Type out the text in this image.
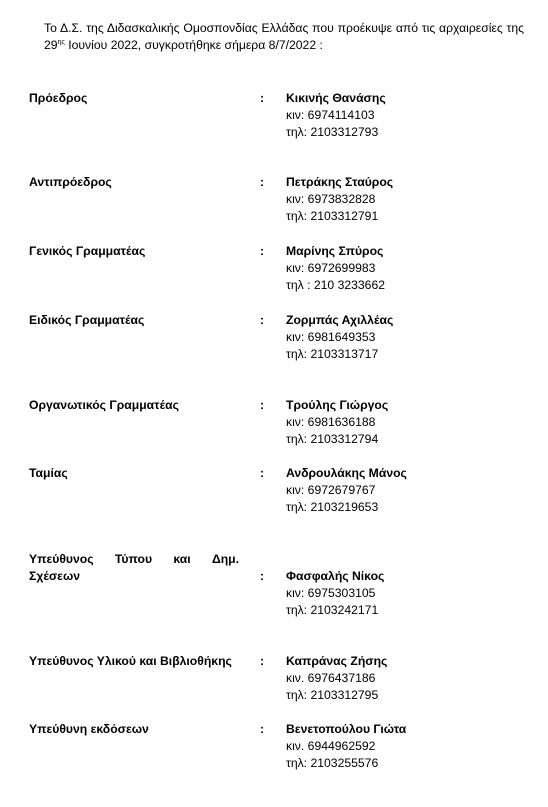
Το Δ.Σ. της Διδασκαλικής Ομοσπονδίας Ελλάδας που προέκυψε από τις αρχαιρεσίες της $29^{\eta\varsigma}$ Ιουνίου 2022, συγκροτήθηκε σήμερα 8/7/2022 :

Πρόεδρος	: Κικινής Θανάσης
κιν: 6974114103
τηλ: 2103312793
Αντιπρόεδρος	: Πετράκης Σταύρος
κιν: 6973832828
τηλ: 2103312791
Γενικός Γραμματέας	: Μαρίνης Σπύρος
κιν: 6972699983
τηλ : 210 3233662
Ειδικός Γραμματέας	: Ζορμπάς Αχιλλέας
κιν: 6981649353
τηλ: 2103313717
Οργανωτικός Γραμματέας	: Τρούλης Γιώργος
κιν: 6981636188
τηλ: 2103312794
Ταμίας	: Ανδρουλάκης Μάνος
κιν: 6972679767
τηλ: 2103219653
Υπεύθυνος Τύπου και Δημ.
Σχέσεων	: Φασφαλής Νίκος
κιν: 6975303105
τηλ: 2103242171
Υπεύθυνος Υλικού και Βιβλιοθήκης : Καπράνας Ζήσης
κιν. 6976437186
τηλ: 2103312795
Υπεύθυνη εκδόσεων	: Βενετοπούλου Γιώτα
κιν. 6944962592
τηλ: 2103255576
